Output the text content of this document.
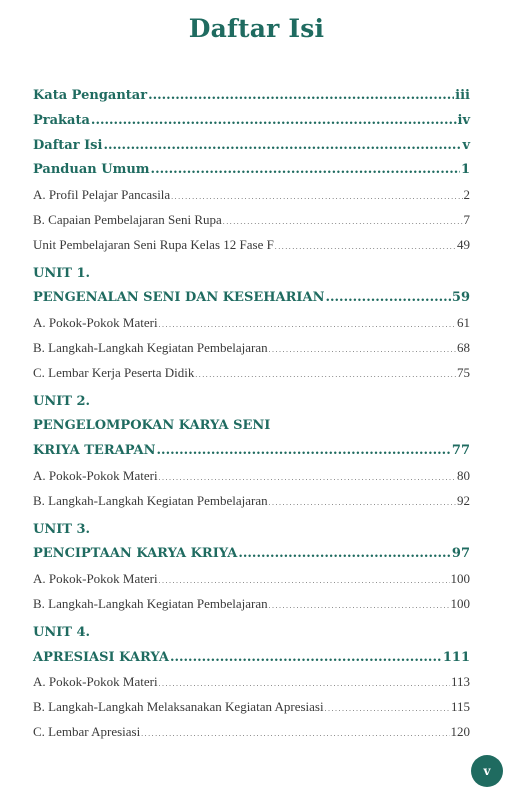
Daftar Isi
Kata Pengantar .....	iii
Prakata .....	iv
Daftar Isi .....	v
Panduan Umum .....	1
A. Profil Pelajar Pancasila . . .	2
B. Capaian Pembelajaran Seni Rupa . . .	7
Unit Pembelajaran Seni Rupa Kelas 12 Fase F . . .	49
UNIT 1.
PENGENALAN SENI DAN KESEHARIAN .....	59
A. Pokok-Pokok Materi . . .	61
B. Langkah-Langkah Kegiatan Pembelajaran . . .	68
C. Lembar Kerja Peserta Didik . . .	75
UNIT 2.
PENGELOMPOKAN KARYA SENI
KRIYA TERAPAN .....	77
A. Pokok-Pokok Materi . . .	80
B. Langkah-Langkah Kegiatan Pembelajaran . . .	92
UNIT 3.
PENCIPTAAN KARYA KRIYA .....	97
A. Pokok-Pokok Materi . . .	100
B. Langkah-Langkah Kegiatan Pembelajaran . . .	100
UNIT 4.
APRESIASI KARYA .....	111
A. Pokok-Pokok Materi . . .	113
B. Langkah-Langkah Melaksanakan Kegiatan Apresiasi . . .	115
C. Lembar Apresiasi . . .	120
v
